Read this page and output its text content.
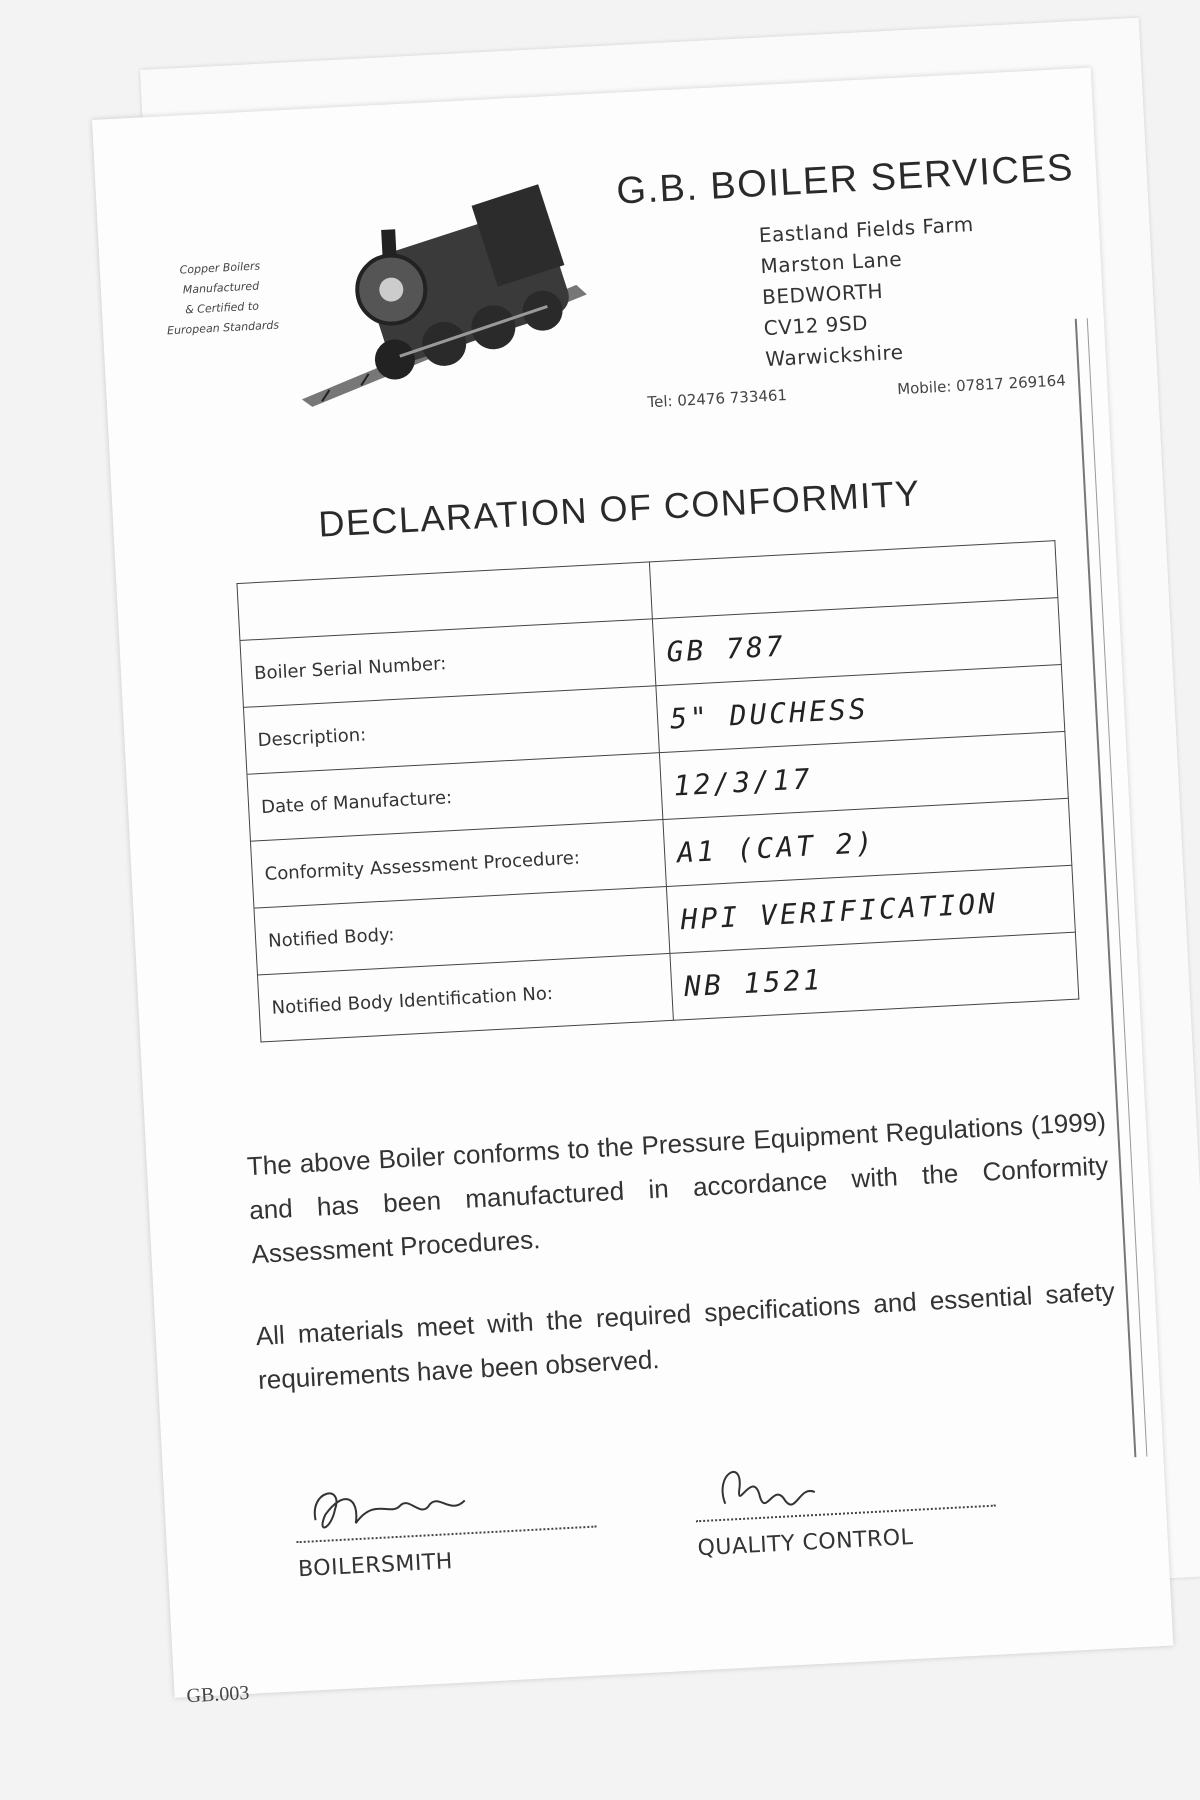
Copper Boilers
Manufactured
& Certified to
European Standards
G.B. BOILER SERVICES
Eastland Fields Farm
Marston Lane
BEDWORTH
CV12 9SD
Warwickshire
Tel: 02476 733461
Mobile: 07817 269164
DECLARATION OF CONFORMITY

Boiler Serial Number:	GB 787
Description:	5" DUCHESS
Date of Manufacture:	12/3/17
Conformity Assessment Procedure:	A1 (CAT 2)
Notified Body:	HPI VERIFICATION
Notified Body Identification No:	NB 1521

The above Boiler conforms to the Pressure Equipment Regulations (1999) and has been manufactured in accordance with the Conformity Assessment Procedures.

All materials meet with the required specifications and essential safety requirements have been observed.

BOILERSMITH
QUALITY CONTROL
GB.003
